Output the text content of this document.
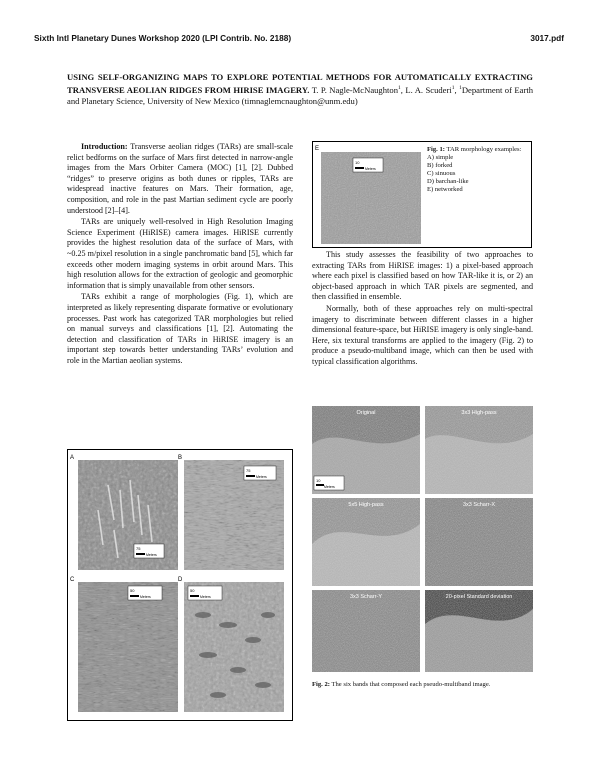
Sixth Intl Planetary Dunes Workshop 2020 (LPI Contrib. No. 2188)	3017.pdf
USING SELF-ORGANIZING MAPS TO EXPLORE POTENTIAL METHODS FOR AUTOMATICALLY EXTRACTING TRANSVERSE AEOLIAN RIDGES FROM HIRISE IMAGERY. T. P. Nagle-McNaughton$^1$, L. A. Scuderi$^1$, $^1$Department of Earth and Planetary Science, University of New Mexico (timnaglemcnaughton@unm.edu)

Introduction: Transverse aeolian ridges (TARs) are small-scale relict bedforms on the surface of Mars first detected in narrow-angle images from the Mars Orbiter Camera (MOC) [1], [2]. Dubbed “ridges” to preserve origins as both dunes or ripples, TARs are widespread inactive features on Mars. Their formation, age, composition, and role in the past Martian sediment cycle are poorly understood [2]–[4].

TARs are uniquely well-resolved in High Resolution Imaging Science Experiment (HiRISE) camera images. HiRISE currently provides the highest resolution data of the surface of Mars, with ~0.25 m/pixel resolution in a single panchromatic band [5], which far exceeds other modern imaging systems in orbit around Mars. This high resolution allows for the extraction of geologic and geomorphic information that is simply unavailable from other sensors.

TARs exhibit a range of morphologies (Fig. 1), which are interpreted as likely representing disparate formative or evolutionary processes. Past work has categorized TAR morphologies but relied on manual surveys and classifications [1], [2]. Automating the detection and classification of TARs in HiRISE imagery is an important step towards better understanding TARs’ evolution and role in the Martian aeolian systems.

A
75
Meters
B
75
Meters
C
50
Meters
D
50
Meters
E
10
Meters
Fig. 1: TAR morphology examples:
A) simple
B) forked
C) sinuous
D) barchan-like
E) networked

This study assesses the feasibility of two approaches to extracting TARs from HiRISE images: 1) a pixel-based approach where each pixel is classified based on how TAR-like it is, or 2) an object-based approach in which TAR pixels are segmented, and then classified in ensemble.

Normally, both of these approaches rely on multi-spectral imagery to discriminate between different classes in a higher dimensional feature-space, but HiRISE imagery is only single-band. Here, six textural transforms are applied to the imagery (Fig. 2) to produce a pseudo-multiband image, which can then be used with typical classification algorithms.

Original
10
Meters
3x3 High-pass
5x5 High-pass	3x3 Scharr-X
3x3 Scharr-Y	20-pixel Standard deviation
Fig. 2: The six bands that composed each pseudo-multiband image.
